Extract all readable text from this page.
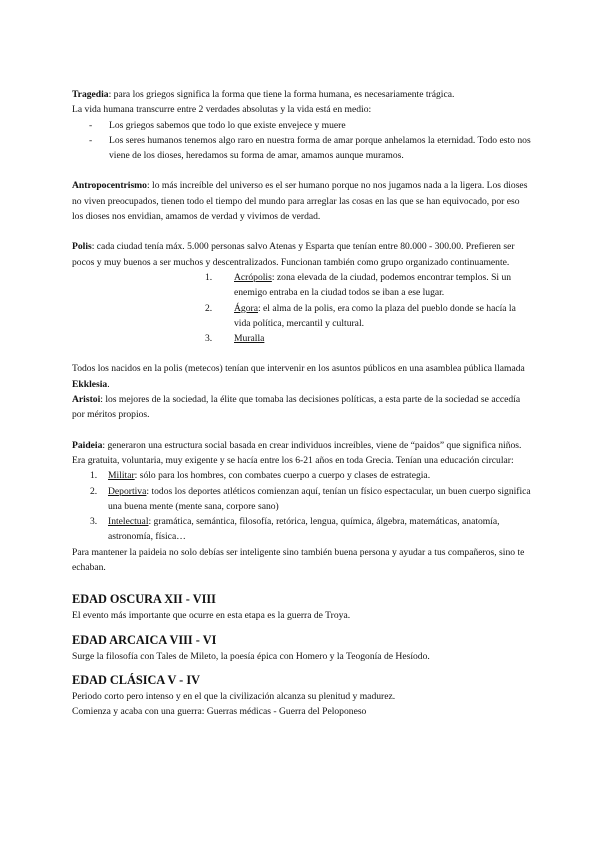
Tragedia: para los griegos significa la forma que tiene la forma humana, es necesariamente trágica.

La vida humana transcurre entre 2 verdades absolutas y la vida está en medio:

- Los griegos sabemos que todo lo que existe envejece y muere
- Los seres humanos tenemos algo raro en nuestra forma de amar porque anhelamos la eternidad. Todo esto nos viene de los dioses, heredamos su forma de amar, amamos aunque muramos.

Antropocentrismo: lo más increíble del universo es el ser humano porque no nos jugamos nada a la ligera. Los dioses no viven preocupados, tienen todo el tiempo del mundo para arreglar las cosas en las que se han equivocado, por eso los dioses nos envidian, amamos de verdad y vivimos de verdad.

Polis: cada ciudad tenía máx. 5.000 personas salvo Atenas y Esparta que tenían entre 80.000 - 300.00. Prefieren ser pocos y muy buenos a ser muchos y descentralizados. Funcionan también como grupo organizado continuamente.

1.	Acrópolis: zona elevada de la ciudad, podemos encontrar templos. Si un enemigo entraba en la ciudad todos se iban a ese lugar.
2.	Ágora: el alma de la polis, era como la plaza del pueblo donde se hacía la vida política, mercantil y cultural.
3.	Muralla

Todos los nacidos en la polis (metecos) tenían que intervenir en los asuntos públicos en una asamblea pública llamada Ekklesia.

Aristoi: los mejores de la sociedad, la élite que tomaba las decisiones políticas, a esta parte de la sociedad se accedía por méritos propios.

Paideia: generaron una estructura social basada en crear individuos increíbles, viene de “paidos” que significa niños. Era gratuita, voluntaria, muy exigente y se hacía entre los 6-21 años en toda Grecia. Tenían una educación circular:

1.	Militar: sólo para los hombres, con combates cuerpo a cuerpo y clases de estrategia.
2.	Deportiva: todos los deportes atléticos comienzan aquí, tenían un físico espectacular, un buen cuerpo significa una buena mente (mente sana, corpore sano)
3.	Intelectual: gramática, semántica, filosofía, retórica, lengua, química, álgebra, matemáticas, anatomía, astronomía, física…

Para mantener la paideia no solo debías ser inteligente sino también buena persona y ayudar a tus compañeros, sino te echaban.

EDAD OSCURA XII - VIII

El evento más importante que ocurre en esta etapa es la guerra de Troya.

EDAD ARCAICA VIII - VI

Surge la filosofía con Tales de Mileto, la poesía épica con Homero y la Teogonía de Hesíodo.

EDAD CLÁSICA V - IV

Periodo corto pero intenso y en el que la civilización alcanza su plenitud y madurez.

Comienza y acaba con una guerra: Guerras médicas - Guerra del Peloponeso
